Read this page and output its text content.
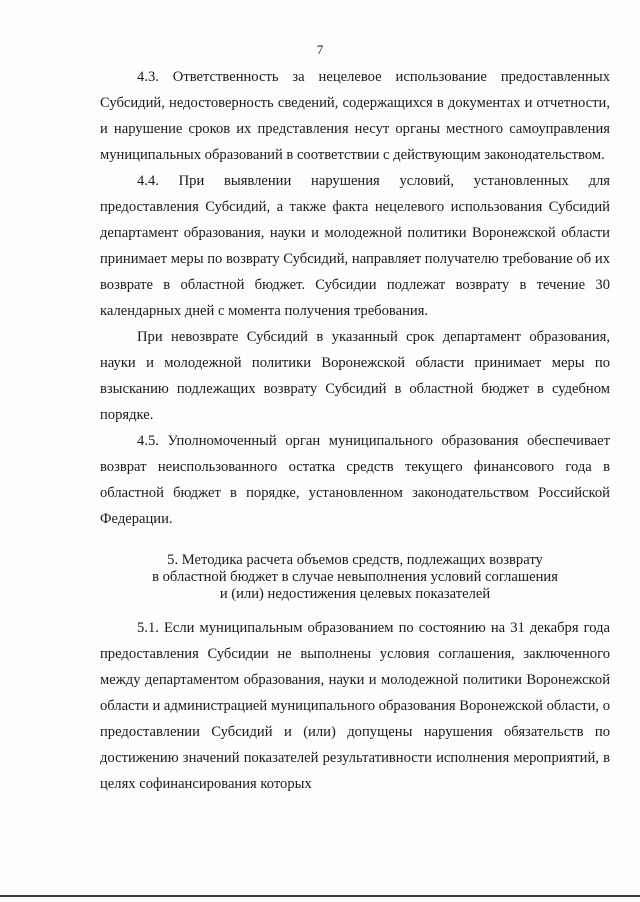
7

4.3. Ответственность за нецелевое использование предоставленных Субсидий, недостоверность сведений, содержащихся в документах и отчетности, и нарушение сроков их представления несут органы местного самоуправления муниципальных образований в соответствии с действующим законодательством.

4.4. При выявлении нарушения условий, установленных для предоставления Субсидий, а также факта нецелевого использования Субсидий департамент образования, науки и молодежной политики Воронежской области принимает меры по возврату Субсидий, направляет получателю требование об их возврате в областной бюджет. Субсидии подлежат возврату в течение 30 календарных дней с момента получения требования.

При невозврате Субсидий в указанный срок департамент образования, науки и молодежной политики Воронежской области принимает меры по взысканию подлежащих возврату Субсидий в областной бюджет в судебном порядке.

4.5. Уполномоченный орган муниципального образования обеспечивает возврат неиспользованного остатка средств текущего финансового года в областной бюджет в порядке, установленном законодательством Российской Федерации.

5. Методика расчета объемов средств, подлежащих возврату
в областной бюджет в случае невыполнения условий соглашения
и (или) недостижения целевых показателей

5.1. Если муниципальным образованием по состоянию на 31 декабря года предоставления Субсидии не выполнены условия соглашения, заключенного между департаментом образования, науки и молодежной политики Воронежской области и администрацией муниципального образования Воронежской области, о предоставлении Субсидий и (или) допущены нарушения обязательств по достижению значений показателей результативности исполнения мероприятий, в целях софинансирования которых
